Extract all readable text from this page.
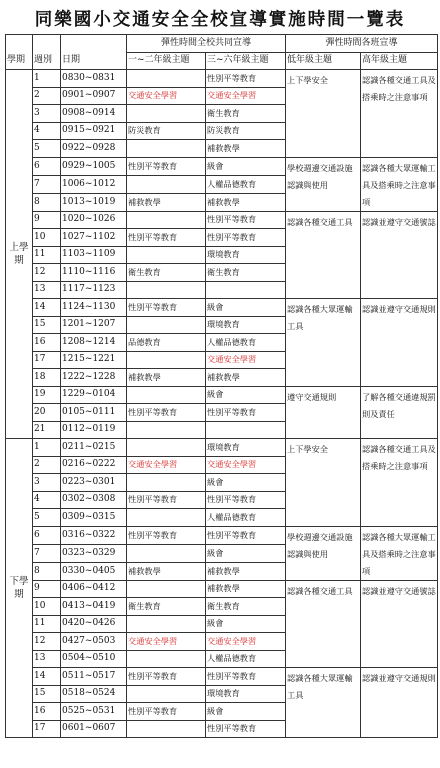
同樂國小交通安全全校宣導實施時間一覽表
			彈性時間全校共同宣導		彈性時間各班宣導	
學期	週別	日期	一~二年級主題	三~六年級主題	低年級主題	高年級主題

上學
期	1	0830~0831		性別平等教育	上下學安全	認識各種交通工具及搭乘時之注意事項
	2	0901~0907	交通安全學習	交通安全學習		
	3	0908~0914		衛生教育		
	4	0915~0921	防災教育	防災教育		
	5	0922~0928		補救教學		
	6	0929~1005	性別平等教育	級會	學校週邊交通設施認識與使用	認識各種大眾運輸工具及搭乘時之注意事項
	7	1006~1012		人權品德教育		
	8	1013~1019	補救教學	補救教學		
	9	1020~1026		性別平等教育	認識各種交通工具	認識並遵守交通號誌
	10	1027~1102	性別平等教育	性別平等教育		
	11	1103~1109		環境教育		
	12	1110~1116	衛生教育	衛生教育		
	13	1117~1123				
	14	1124~1130	性別平等教育	級會	認識各種大眾運輸工具	認識並遵守交通規則
	15	1201~1207		環境教育		
	16	1208~1214	品德教育	人權品德教育		
	17	1215~1221		交通安全學習		
	18	1222~1228	補救教學	補救教學		
	19	1229~0104		級會	遵守交通規則	了解各種交通違規罰則及責任
	20	0105~0111	性別平等教育	性別平等教育		
	21	0112~0119				

下學
期	1	0211~0215		環境教育	上下學安全	認識各種交通工具及搭乘時之注意事項
	2	0216~0222	交通安全學習	交通安全學習		
	3	0223~0301		級會		
	4	0302~0308	性別平等教育	性別平等教育		
	5	0309~0315		人權品德教育		
	6	0316~0322	性別平等教育	性別平等教育	學校週邊交通設施認識與使用	認識各種大眾運輸工具及搭乘時之注意事項
	7	0323~0329		級會		
	8	0330~0405	補救教學	補救教學		
	9	0406~0412		補救教學	認識各種交通工具	認識並遵守交通號誌
	10	0413~0419	衛生教育	衛生教育		
	11	0420~0426		級會		
	12	0427~0503	交通安全學習	交通安全學習		
	13	0504~0510		人權品德教育		
	14	0511~0517	性別平等教育	性別平等教育	認識各種大眾運輸工具	認識並遵守交通規則
	15	0518~0524		環境教育		
	16	0525~0531	性別平等教育	級會		
	17	0601~0607		性別平等教育		
